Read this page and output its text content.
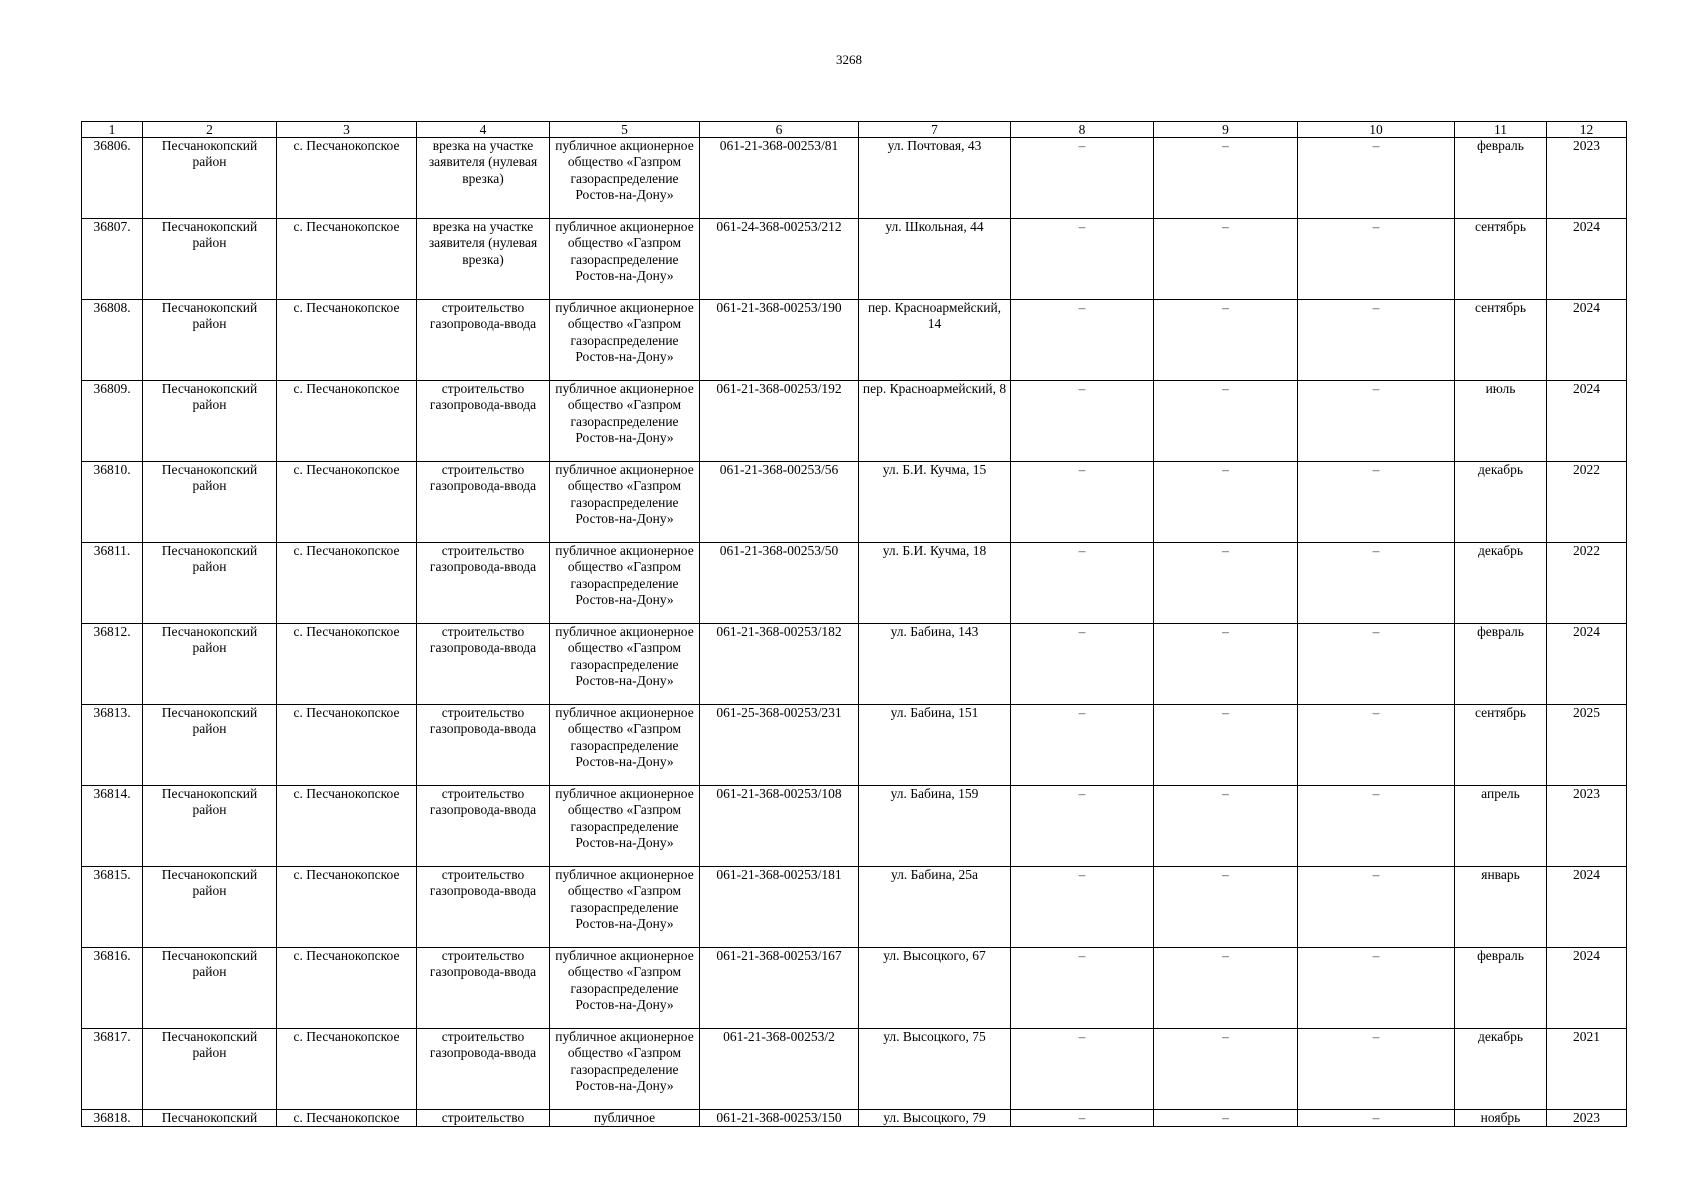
3268
1	2	3	4	5	6	7	8	9	10	11	12
36806.	Песчанокопский район	с. Песчанокопское	врезка на участке заявителя (нулевая врезка)	публичное акционерное общество «Газпром газораспределение Ростов-на-Дону»	061-21-368-00253/81	ул. Почтовая, 43	–	–	–	февраль	2023
36807.	Песчанокопский район	с. Песчанокопское	врезка на участке заявителя (нулевая врезка)	публичное акционерное общество «Газпром газораспределение Ростов-на-Дону»	061-24-368-00253/212	ул. Школьная, 44	–	–	–	сентябрь	2024
36808.	Песчанокопский район	с. Песчанокопское	строительство газопровода-ввода	публичное акционерное общество «Газпром газораспределение Ростов-на-Дону»	061-21-368-00253/190	пер. Красноармейский, 14	–	–	–	сентябрь	2024
36809.	Песчанокопский район	с. Песчанокопское	строительство газопровода-ввода	публичное акционерное общество «Газпром газораспределение Ростов-на-Дону»	061-21-368-00253/192	пер. Красноармейский, 8	–	–	–	июль	2024
36810.	Песчанокопский район	с. Песчанокопское	строительство газопровода-ввода	публичное акционерное общество «Газпром газораспределение Ростов-на-Дону»	061-21-368-00253/56	ул. Б.И. Кучма, 15	–	–	–	декабрь	2022
36811.	Песчанокопский район	с. Песчанокопское	строительство газопровода-ввода	публичное акционерное общество «Газпром газораспределение Ростов-на-Дону»	061-21-368-00253/50	ул. Б.И. Кучма, 18	–	–	–	декабрь	2022
36812.	Песчанокопский район	с. Песчанокопское	строительство газопровода-ввода	публичное акционерное общество «Газпром газораспределение Ростов-на-Дону»	061-21-368-00253/182	ул. Бабина, 143	–	–	–	февраль	2024
36813.	Песчанокопский район	с. Песчанокопское	строительство газопровода-ввода	публичное акционерное общество «Газпром газораспределение Ростов-на-Дону»	061-25-368-00253/231	ул. Бабина, 151	–	–	–	сентябрь	2025
36814.	Песчанокопский район	с. Песчанокопское	строительство газопровода-ввода	публичное акционерное общество «Газпром газораспределение Ростов-на-Дону»	061-21-368-00253/108	ул. Бабина, 159	–	–	–	апрель	2023
36815.	Песчанокопский район	с. Песчанокопское	строительство газопровода-ввода	публичное акционерное общество «Газпром газораспределение Ростов-на-Дону»	061-21-368-00253/181	ул. Бабина, 25а	–	–	–	январь	2024
36816.	Песчанокопский район	с. Песчанокопское	строительство газопровода-ввода	публичное акционерное общество «Газпром газораспределение Ростов-на-Дону»	061-21-368-00253/167	ул. Высоцкого, 67	–	–	–	февраль	2024
36817.	Песчанокопский район	с. Песчанокопское	строительство газопровода-ввода	публичное акционерное общество «Газпром газораспределение Ростов-на-Дону»	061-21-368-00253/2	ул. Высоцкого, 75	–	–	–	декабрь	2021
36818.	Песчанокопский	с. Песчанокопское	строительство	публичное	061-21-368-00253/150	ул. Высоцкого, 79	–	–	–	ноябрь	2023
